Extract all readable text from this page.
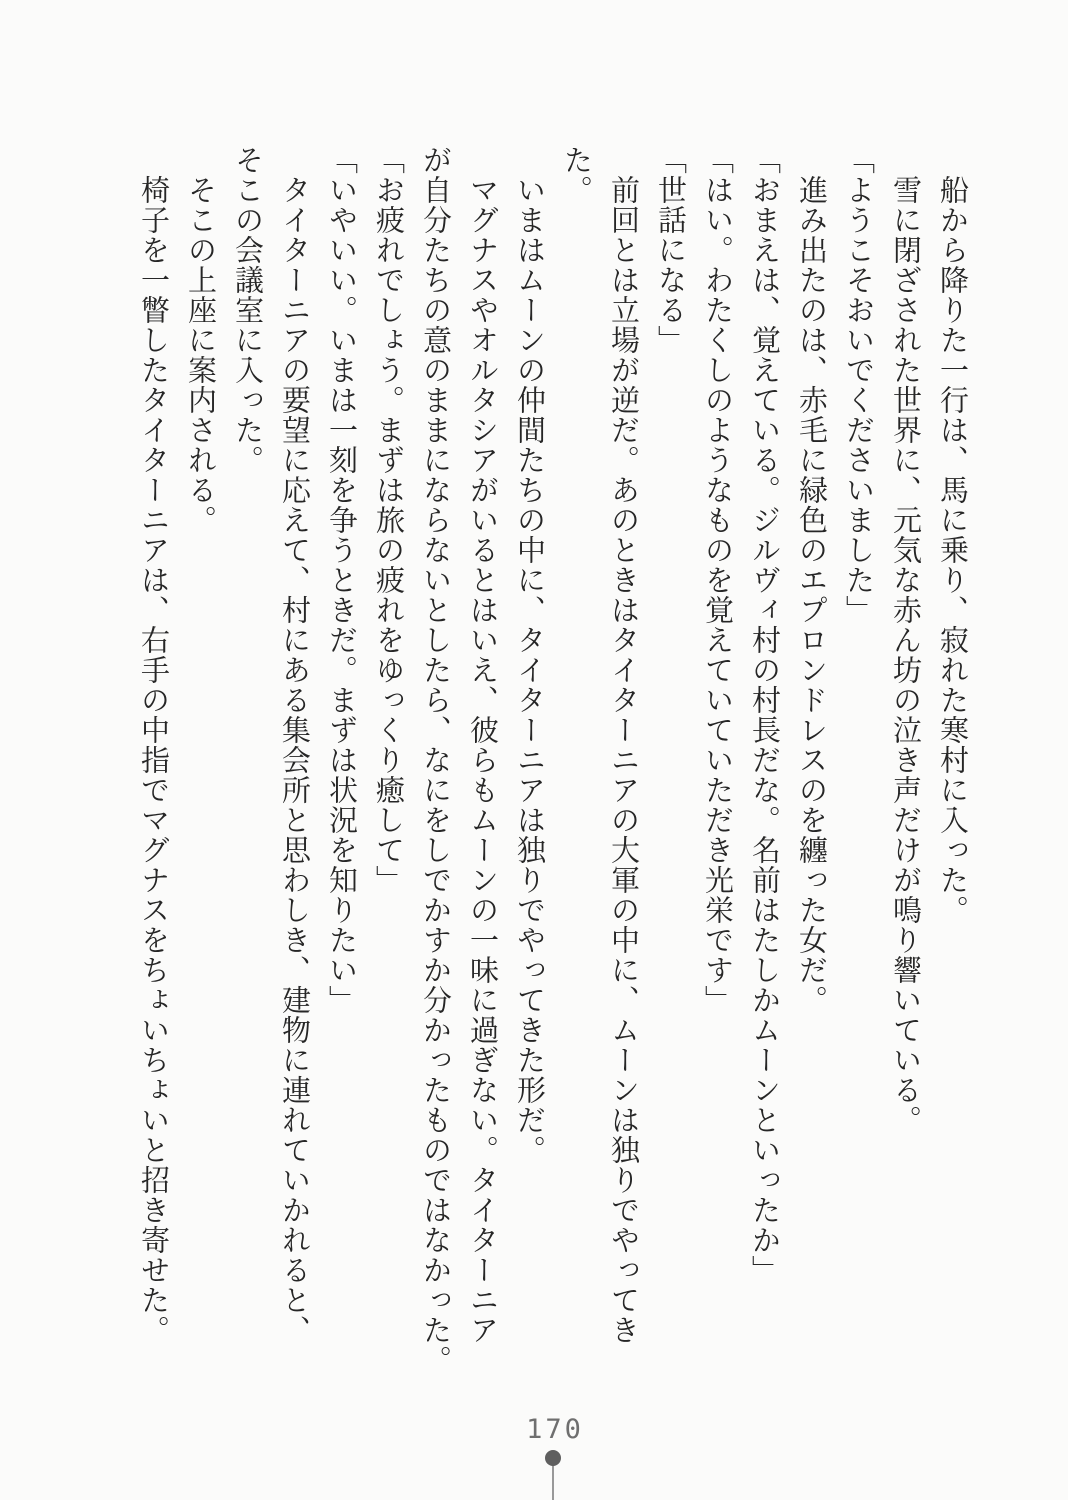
船から降りた一行は、馬に乗り、寂れた寒村に入った。

雪に閉ざされた世界に、元気な赤ん坊の泣き声だけが鳴り響いている。

「ようこそおいでくださいました」

進み出たのは、赤毛に緑色のエプロンドレスのを纏った女だ。

「おまえは、覚えている。ジルヴィ村の村長だな。名前はたしかムーンといったか」

「はい。わたくしのようなものを覚えていていただき光栄です」

「世話になる」

前回とは立場が逆だ。あのときはタイターニアの大軍の中に、ムーンは独りでやってき

た。

いまはムーンの仲間たちの中に、タイターニアは独りでやってきた形だ。

マグナスやオルタシアがいるとはいえ、彼らもムーンの一味に過ぎない。タイターニア

が自分たちの意のままにならないとしたら、なにをしでかすか分かったものではなかった。

「お疲れでしょう。まずは旅の疲れをゆっくり癒して」

「いやいい。いまは一刻を争うときだ。まずは状況を知りたい」

タイターニアの要望に応えて、村にある集会所と思わしき、建物に連れていかれると、

そこの会議室に入った。

そこの上座に案内される。

椅子を一瞥したタイターニアは、右手の中指でマグナスをちょいちょいと招き寄せた。

170
